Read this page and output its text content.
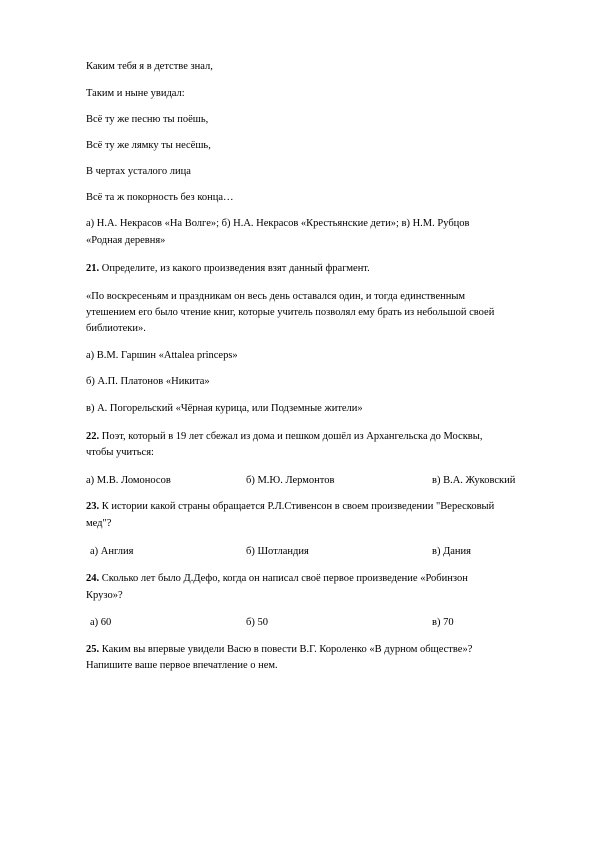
Каким тебя я в детстве знал,
Таким и ныне увидал:
Всё ту же песню ты поёшь,
Всё ту же лямку ты несёшь,
В чертах усталого лица
Всё та ж покорность без конца…
а) Н.А. Некрасов «На Волге»; б) Н.А. Некрасов «Крестьянские дети»; в) Н.М. Рубцов
«Родная деревня»
21. Определите, из какого произведения взят данный фрагмент.
«По воскресеньям и праздникам он весь день оставался один, и тогда единственным
утешением его было чтение книг, которые учитель позволял ему брать из небольшой своей
библиотеки».
а) В.М. Гаршин «Attalea princeps»
б) А.П. Платонов «Никита»
в) А. Погорельский «Чёрная курица, или Подземные жители»
22. Поэт, который в 19 лет сбежал из дома и пешком дошёл из Архангельска до Москвы,
чтобы учиться:
а) М.В. Ломоносов	б) М.Ю. Лермонтов	в) В.А. Жуковский
23. К истории какой страны обращается Р.Л.Стивенсон в своем произведении "Вересковый
мед"?
а) Англия	б) Шотландия	в) Дания
24. Сколько лет было Д.Дефо, когда он написал своё первое произведение «Робинзон
Крузо»?
а) 60	б) 50	в) 70
25. Каким вы впервые увидели Васю в повести В.Г. Короленко «В дурном обществе»?
Напишите ваше первое впечатление о нем.
